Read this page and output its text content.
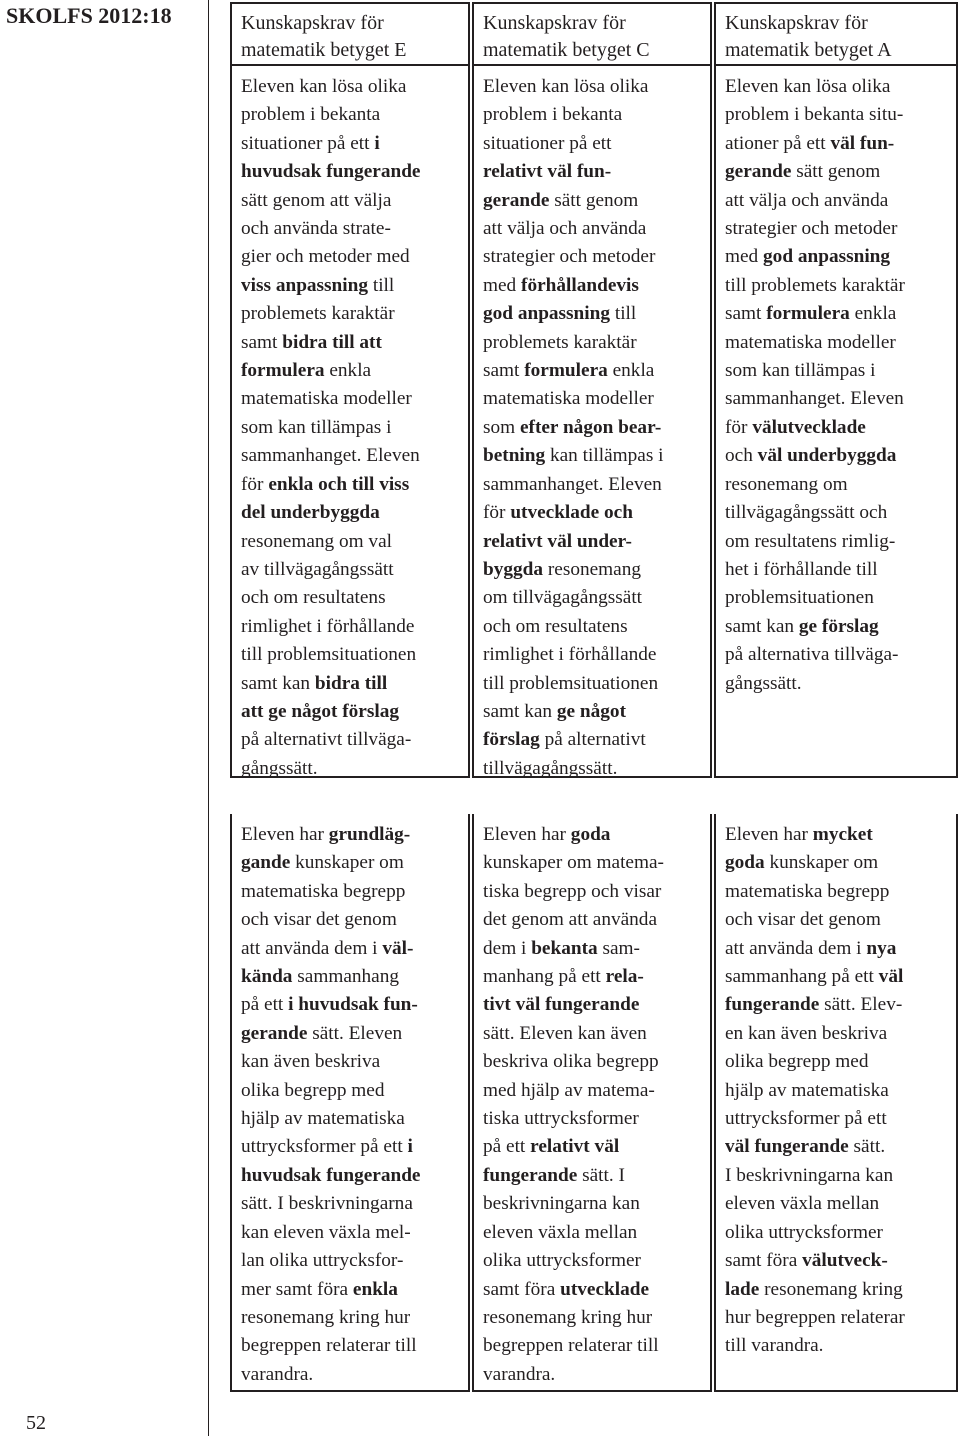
SKOLFS 2012:18
52
Kunskapskrav för
matematik betyget E
Eleven kan lösa olika
problem i bekanta
situationer på ett i
huvudsak fungerande
sätt genom att välja
och använda strate-
gier och metoder med
viss anpassning till
problemets karaktär
samt bidra till att
formulera enkla
matematiska modeller
som kan tillämpas i
sammanhanget. Eleven
för enkla och till viss
del underbyggda
resonemang om val
av tillvägagångssätt
och om resultatens
rimlighet i förhållande
till problemsituationen
samt kan bidra till
att ge något förslag
på alternativt tillväga-
gångssätt.
Kunskapskrav för
matematik betyget C
Eleven kan lösa olika
problem i bekanta
situationer på ett
relativt väl fun-
gerande sätt genom
att välja och använda
strategier och metoder
med förhållandevis
god anpassning till
problemets karaktär
samt formulera enkla
matematiska modeller
som efter någon bear-
betning kan tillämpas i
sammanhanget. Eleven
för utvecklade och
relativt väl under-
byggda resonemang
om tillvägagångssätt
och om resultatens
rimlighet i förhållande
till problemsituationen
samt kan ge något
förslag på alternativt
tillvägagångssätt.
Kunskapskrav för
matematik betyget A
Eleven kan lösa olika
problem i bekanta situ-
ationer på ett väl fun-
gerande sätt genom
att välja och använda
strategier och metoder
med god anpassning
till problemets karaktär
samt formulera enkla
matematiska modeller
som kan tillämpas i
sammanhanget. Eleven
för välutvecklade
och väl underbyggda
resonemang om
tillvägagångssätt och
om resultatens rimlig-
het i förhållande till
problemsituationen
samt kan ge förslag
på alternativa tillväga-
gångssätt.
Eleven har grundläg-
gande kunskaper om
matematiska begrepp
och visar det genom
att använda dem i väl-
kända sammanhang
på ett i huvudsak fun-
gerande sätt. Eleven
kan även beskriva
olika begrepp med
hjälp av matematiska
uttrycksformer på ett i
huvudsak fungerande
sätt. I beskrivningarna
kan eleven växla mel-
lan olika uttrycksfor-
mer samt föra enkla
resonemang kring hur
begreppen relaterar till
varandra.
Eleven har goda
kunskaper om matema-
tiska begrepp och visar
det genom att använda
dem i bekanta sam-
manhang på ett rela-
tivt väl fungerande
sätt. Eleven kan även
beskriva olika begrepp
med hjälp av matema-
tiska uttrycksformer
på ett relativt väl
fungerande sätt. I
beskrivningarna kan
eleven växla mellan
olika uttrycksformer
samt föra utvecklade
resonemang kring hur
begreppen relaterar till
varandra.
Eleven har mycket
goda kunskaper om
matematiska begrepp
och visar det genom
att använda dem i nya
sammanhang på ett väl
fungerande sätt. Elev-
en kan även beskriva
olika begrepp med
hjälp av matematiska
uttrycksformer på ett
väl fungerande sätt.
I beskrivningarna kan
eleven växla mellan
olika uttrycksformer
samt föra välutveck-
lade resonemang kring
hur begreppen relaterar
till varandra.
